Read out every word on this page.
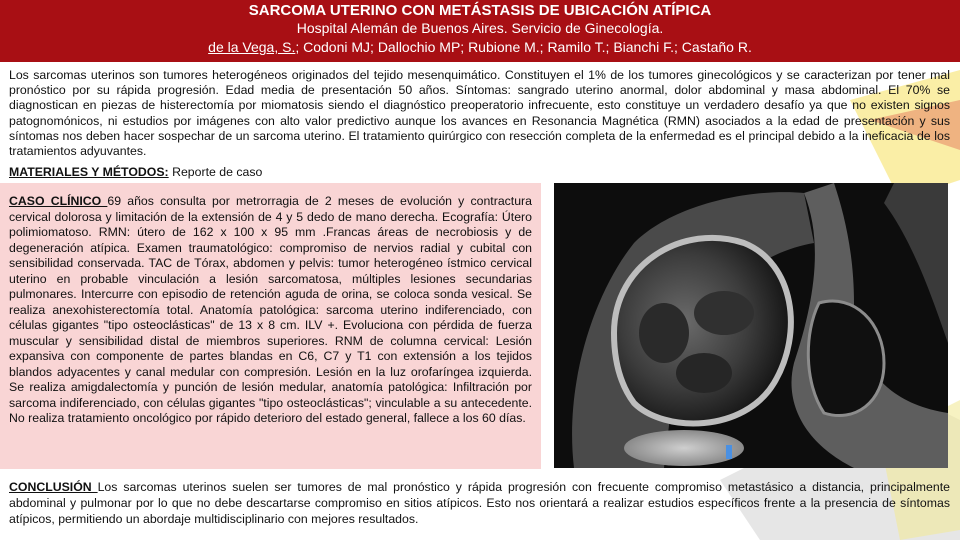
SARCOMA UTERINO CON METÁSTASIS DE UBICACIÓN ATÍPICA
Hospital Alemán de Buenos Aires. Servicio de Ginecología.
de la Vega, S.; Codoni MJ; Dallochio MP; Rubione M.; Ramilo T.; Bianchi F.; Castaño R.
Los sarcomas uterinos son tumores heterogéneos originados del tejido mesenquimático. Constituyen el 1% de los tumores ginecológicos y se caracterizan por tener mal pronóstico por su rápida progresión. Edad media de presentación 50 años. Síntomas: sangrado uterino anormal, dolor abdominal y masa abdominal. El 70% se diagnostican en piezas de histerectomía por miomatosis siendo el diagnóstico preoperatorio infrecuente, esto constituye un verdadero desafío ya que no existen signos patognomónicos, ni estudios por imágenes con alto valor predictivo aunque los avances en Resonancia Magnética (RMN) asociados a la edad de presentación y sus síntomas nos deben hacer sospechar de un sarcoma uterino. El tratamiento quirúrgico con resección completa de la enfermedad es el principal debido a la ineficacia de los tratamientos adyuvantes.
MATERIALES Y MÉTODOS: Reporte de caso
CASO CLÍNICO 69 años consulta por metrorragia de 2 meses de evolución y contractura cervical dolorosa y limitación de la extensión de 4 y 5 dedo de mano derecha. Ecografía: Útero polimiomatoso. RMN: útero de 162 x 100 x 95 mm .Francas áreas de necrobiosis y de degeneración atípica. Examen traumatológico: compromiso de nervios radial y cubital con sensibilidad conservada. TAC de Tórax, abdomen y pelvis: tumor heterogéneo ístmico cervical uterino en probable vinculación a lesión sarcomatosa, múltiples lesiones secundarias pulmonares. Intercurre con episodio de retención aguda de orina, se coloca sonda vesical. Se realiza anexohisterectomía total. Anatomía patológica: sarcoma uterino indiferenciado, con células gigantes "tipo osteoclásticas" de 13 x 8 cm. ILV +. Evoluciona con pérdida de fuerza muscular y sensibilidad distal de miembros superiores. RNM de columna cervical: Lesión expansiva con componente de partes blandas en C6, C7 y T1 con extensión a los tejidos blandos adyacentes y canal medular con compresión. Lesión en la luz orofaríngea izquierda. Se realiza amigdalectomía y punción de lesión medular, anatomía patológica: Infiltración por sarcoma indiferenciado, con células gigantes "tipo osteoclásticas"; vinculable a su antecedente. No realiza tratamiento oncológico por rápido deterioro del estado general, fallece a los 60 días.
CONCLUSIÓN Los sarcomas uterinos suelen ser tumores de mal pronóstico y rápida progresión con frecuente compromiso metastásico a distancia, principalmente abdominal y pulmonar por lo que no debe descartarse compromiso en sitios atípicos. Esto nos orientará a realizar estudios específicos frente a la presencia de síntomas atípicos, permitiendo un abordaje multidisciplinario con mejores resultados.
